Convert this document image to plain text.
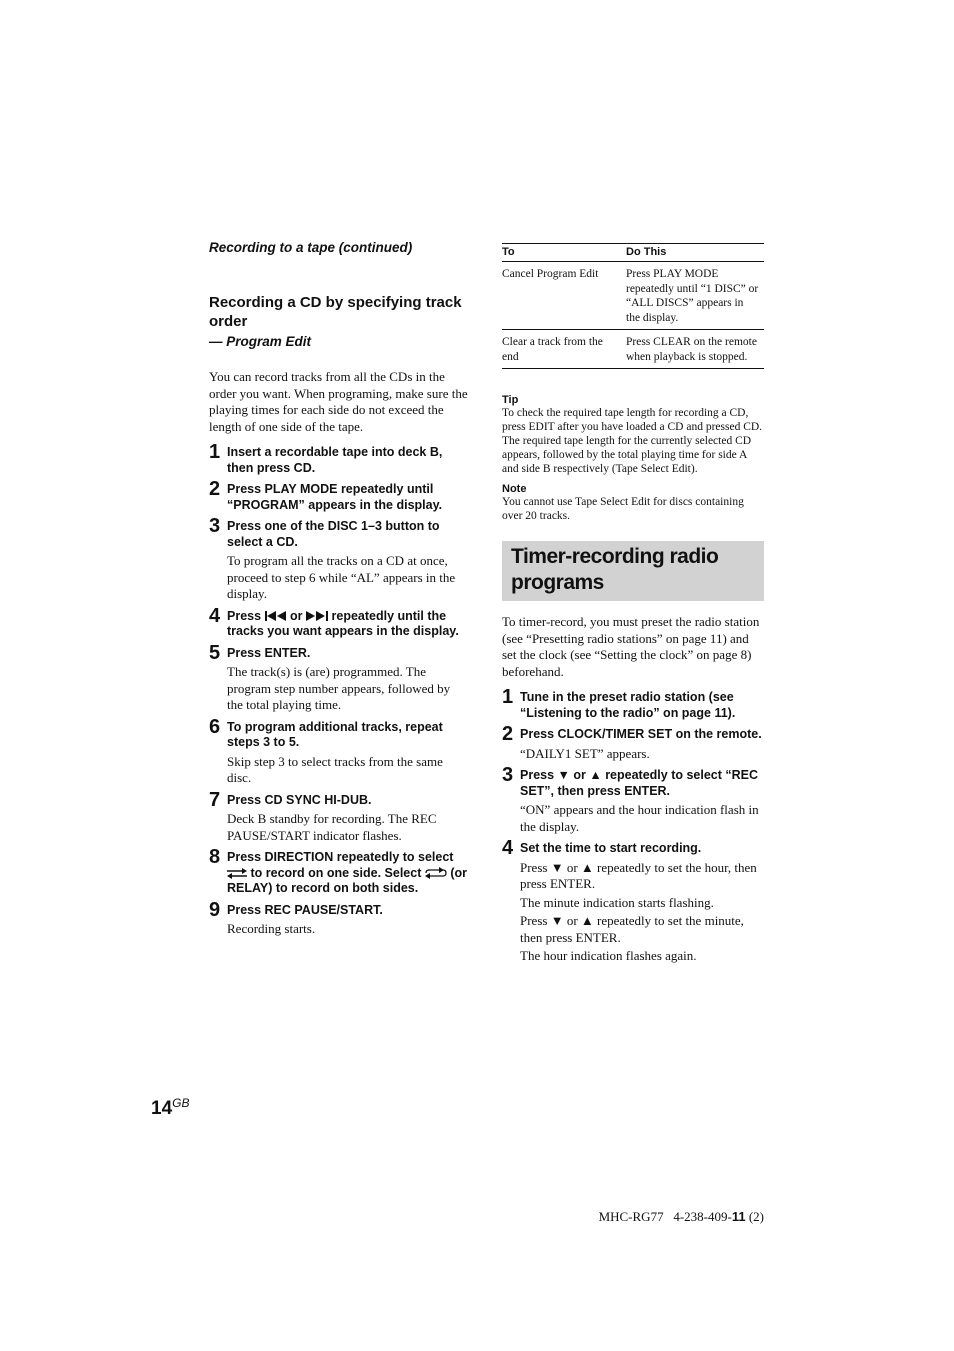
Recording to a tape (continued)

Recording a CD by specifying track order

— Program Edit

You can record tracks from all the CDs in the order you want. When programing, make sure the playing times for each side do not exceed the length of one side of the tape.

1 Insert a recordable tape into deck B, then press CD.

2 Press PLAY MODE repeatedly until “PROGRAM” appears in the display.

3 Press one of the DISC 1–3 button to select a CD.

To program all the tracks on a CD at once, proceed to step 6 while “AL” appears in the display.

4 Press or repeatedly until the tracks you want appears in the display.

5 Press ENTER.

The track(s) is (are) programmed. The program step number appears, followed by the total playing time.

6 To program additional tracks, repeat steps 3 to 5.

Skip step 3 to select tracks from the same disc.

7 Press CD SYNC HI-DUB.

Deck B standby for recording. The REC PAUSE/START indicator flashes.

8 Press DIRECTION repeatedly to select  to record on one side. Select (or RELAY) to record on both sides.

9 Press REC PAUSE/START.

Recording starts.

To	Do This
Cancel Program Edit	Press PLAY MODE repeatedly until “1 DISC” or “ALL DISCS” appears in the display.
Clear a track from the end	Press CLEAR on the remote when playback is stopped.

Tip

To check the required tape length for recording a CD, press EDIT after you have loaded a CD and pressed CD. The required tape length for the currently selected CD appears, followed by the total playing time for side A and side B respectively (Tape Select Edit).

Note

You cannot use Tape Select Edit for discs containing over 20 tracks.

Timer-recording radio programs

To timer-record, you must preset the radio station (see “Presetting radio stations” on page 11) and set the clock (see “Setting the clock” on page 8) beforehand.

1 Tune in the preset radio station (see “Listening to the radio” on page 11).

2 Press CLOCK/TIMER SET on the remote.

“DAILY1 SET” appears.

3 Press ▼ or ▲ repeatedly to select “REC SET”, then press ENTER.

“ON” appears and the hour indication flash in the display.

4 Set the time to start recording.

Press ▼ or ▲ repeatedly to set the hour, then press ENTER.

The minute indication starts flashing.

Press ▼ or ▲ repeatedly to set the minute, then press ENTER.

The hour indication flashes again.

$14^{GB}$
MHC-RG77 4-238-409-11 (2)
